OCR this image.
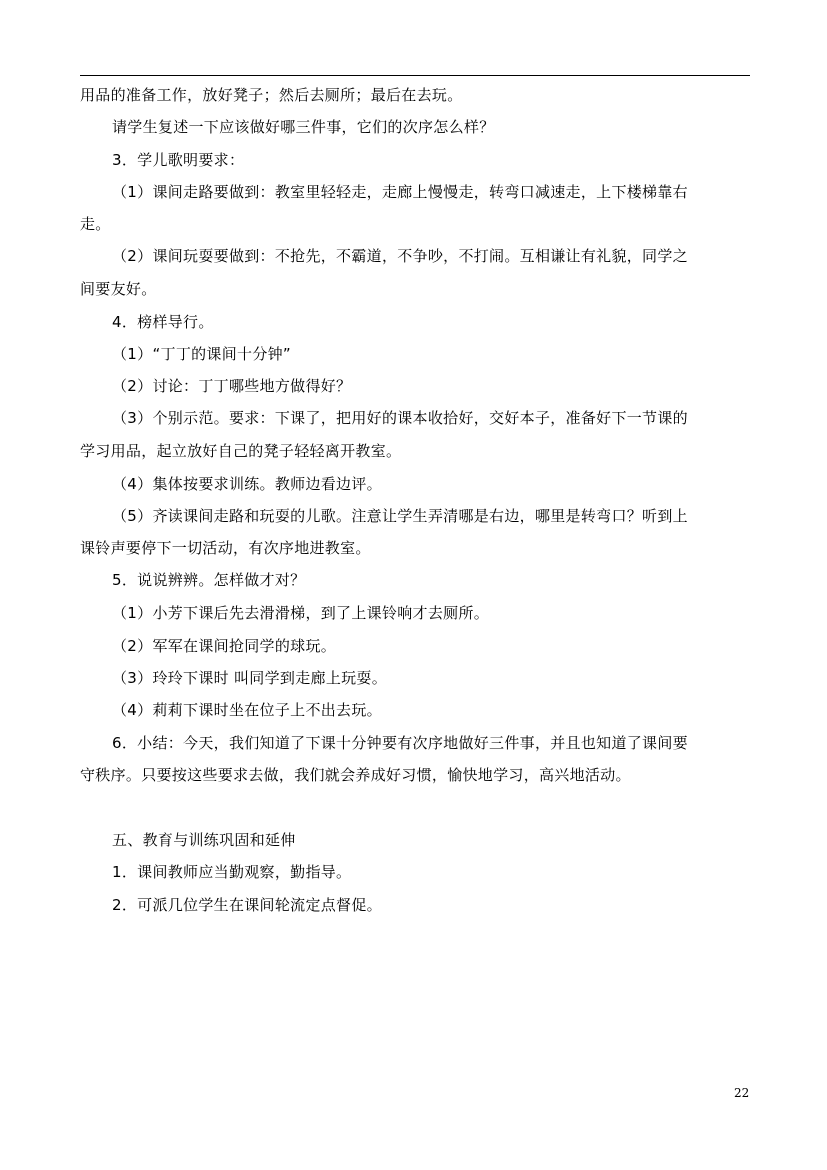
用品的准备工作，放好凳子；然后去厕所；最后在去玩。
请学生复述一下应该做好哪三件事，它们的次序怎么样？
3．学儿歌明要求：
（1）课间走路要做到：教室里轻轻走，走廊上慢慢走，转弯口减速走，上下楼梯靠右
走。
（2）课间玩耍要做到：不抢先，不霸道，不争吵，不打闹。互相谦让有礼貌，同学之
间要友好。
4．榜样导行。
（1）“丁丁的课间十分钟”
（2）讨论：丁丁哪些地方做得好？
（3）个别示范。要求：下课了，把用好的课本收拾好，交好本子，准备好下一节课的
学习用品，起立放好自己的凳子轻轻离开教室。
（4）集体按要求训练。教师边看边评。
（5）齐读课间走路和玩耍的儿歌。注意让学生弄清哪是右边，哪里是转弯口？听到上
课铃声要停下一切活动，有次序地进教室。
5．说说辨辨。怎样做才对？
（1）小芳下课后先去滑滑梯，到了上课铃响才去厕所。
（2）军军在课间抢同学的球玩。
（3）玲玲下课时 叫同学到走廊上玩耍。
（4）莉莉下课时坐在位子上不出去玩。
6．小结：今天，我们知道了下课十分钟要有次序地做好三件事，并且也知道了课间要
守秩序。只要按这些要求去做，我们就会养成好习惯，愉快地学习，高兴地活动。
五、教育与训练巩固和延伸
1．课间教师应当勤观察，勤指导。
2．可派几位学生在课间轮流定点督促。
22
